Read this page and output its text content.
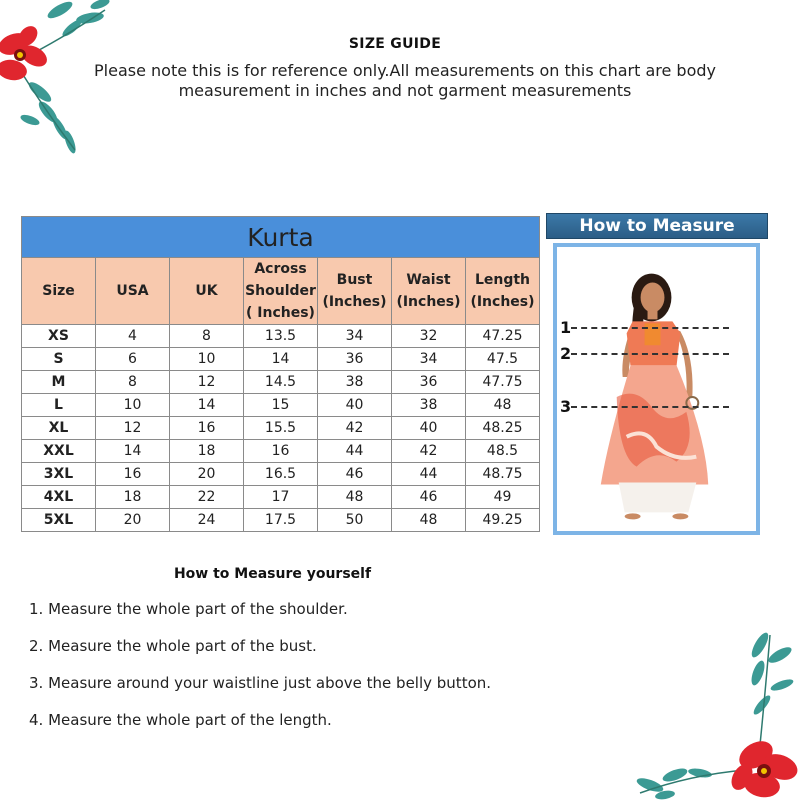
SIZE GUIDE
Please note this is for reference only.All measurements on this chart are body measurement in inches and not garment measurements
Kurta						
Size	USA	UK	Across Shoulder ( Inches)	Bust (Inches)	Waist (Inches)	Length (Inches)
XS	4	8	13.5	34	32	47.25
S	6	10	14	36	34	47.5
M	8	12	14.5	38	36	47.75
L	10	14	15	40	38	48
XL	12	16	15.5	42	40	48.25
XXL	14	18	16	44	42	48.5
3XL	16	20	16.5	46	44	48.75
4XL	18	22	17	48	46	49
5XL	20	24	17.5	50	48	49.25
How to Measure
1
2
3
How to Measure yourself
1. Measure the whole part of the shoulder.
2. Measure the whole part of the bust.
3. Measure around your waistline just above the belly button.
4. Measure the whole part of the length.
